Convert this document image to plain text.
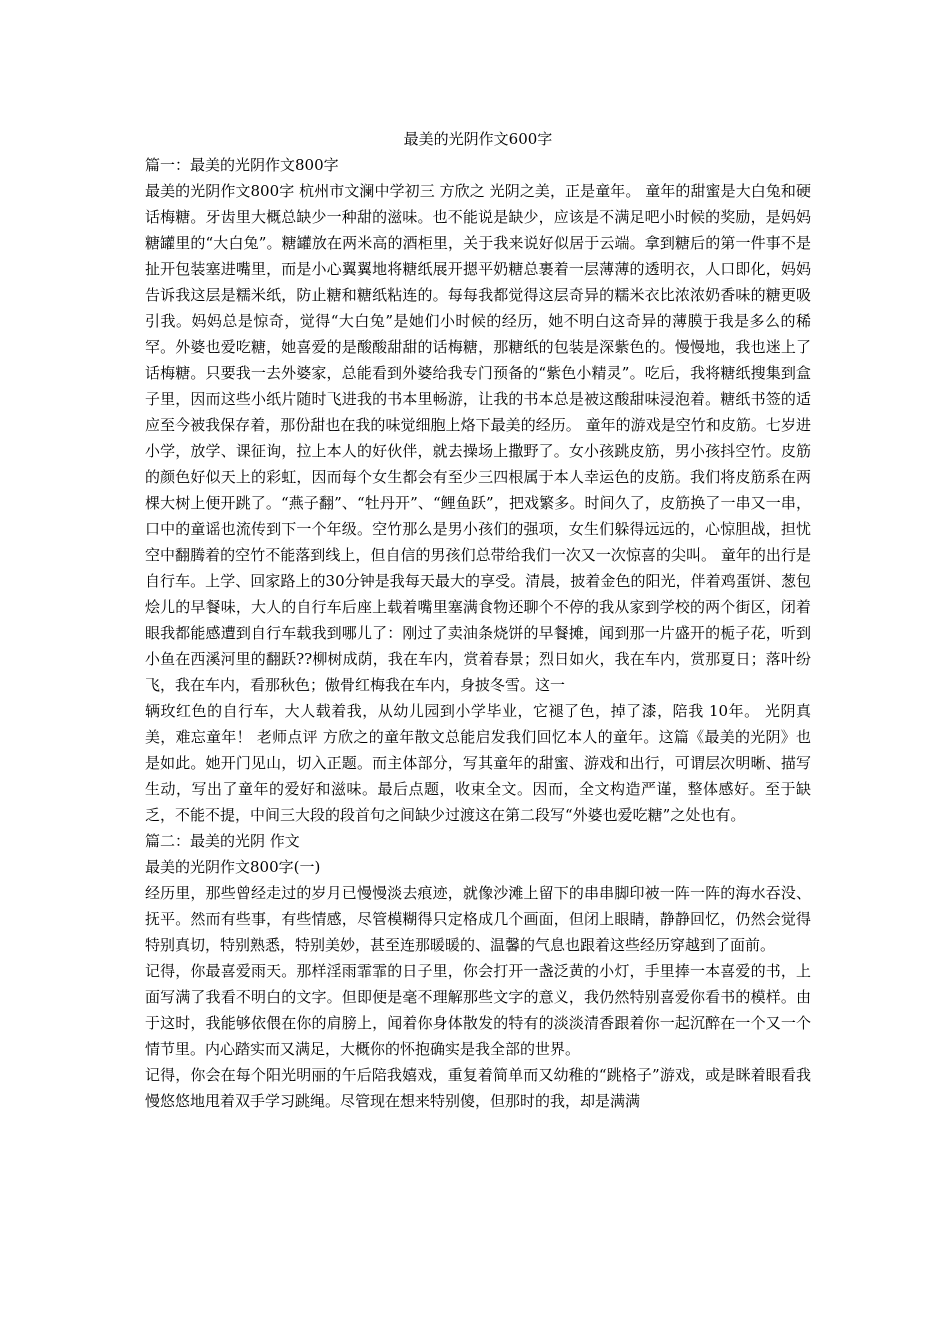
最美的光阴作文600字

篇一：最美的光阴作文800字

最美的光阴作文800字 杭州市文澜中学初三 方欣之 光阴之美，正是童年。 童年的甜蜜是大白兔和硬话梅糖。牙齿里大概总缺少一种甜的滋味。也不能说是缺少，应该是不满足吧小时候的奖励，是妈妈糖罐里的“大白兔”。糖罐放在两米高的酒柜里，关于我来说好似居于云端。拿到糖后的第一件事不是扯开包装塞进嘴里，而是小心翼翼地将糖纸展开摁平奶糖总裹着一层薄薄的透明衣，人口即化，妈妈告诉我这层是糯米纸，防止糖和糖纸粘连的。每每我都觉得这层奇异的糯米衣比浓浓奶香味的糖更吸引我。妈妈总是惊奇，觉得“大白兔”是她们小时候的经历，她不明白这奇异的薄膜于我是多么的稀罕。外婆也爱吃糖，她喜爱的是酸酸甜甜的话梅糖，那糖纸的包装是深紫色的。慢慢地，我也迷上了话梅糖。只要我一去外婆家，总能看到外婆给我专门预备的“紫色小精灵”。吃后，我将糖纸搜集到盒子里，因而这些小纸片随时飞进我的书本里畅游，让我的书本总是被这酸甜味浸泡着。糖纸书签的适应至今被我保存着，那份甜也在我的味觉细胞上烙下最美的经历。 童年的游戏是空竹和皮筋。七岁进小学，放学、课征询，拉上本人的好伙伴，就去操场上撒野了。女小孩跳皮筋，男小孩抖空竹。皮筋的颜色好似天上的彩虹，因而每个女生都会有至少三四根属于本人幸运色的皮筋。我们将皮筋系在两棵大树上便开跳了。“燕子翻”、“牡丹开”、“鲤鱼跃”，把戏繁多。时间久了，皮筋换了一串又一串，口中的童谣也流传到下一个年级。空竹那么是男小孩们的强项，女生们躲得远远的，心惊胆战，担忧空中翻腾着的空竹不能落到线上，但自信的男孩们总带给我们一次又一次惊喜的尖叫。 童年的出行是自行车。上学、回家路上的30分钟是我每天最大的享受。清晨，披着金色的阳光，伴着鸡蛋饼、葱包烩儿的早餐味，大人的自行车后座上载着嘴里塞满食物还聊个不停的我从家到学校的两个街区，闭着眼我都能感遭到自行车载我到哪儿了：刚过了卖油条烧饼的早餐摊，闻到那一片盛开的栀子花，听到小鱼在西溪河里的翻跃??柳树成荫，我在车内，赏着春景；烈日如火，我在车内，赏那夏日；落叶纷飞，我在车内，看那秋色；傲骨红梅我在车内，身披冬雪。这一

辆玫红色的自行车，大人载着我，从幼儿园到小学毕业，它褪了色，掉了漆，陪我 10年。 光阴真美，难忘童年！ 老师点评 方欣之的童年散文总能启发我们回忆本人的童年。这篇《最美的光阴》也是如此。她开门见山，切入正题。而主体部分，写其童年的甜蜜、游戏和出行，可谓层次明晰、描写生动，写出了童年的爱好和滋味。最后点题，收束全文。因而，全文构造严谨，整体感好。至于缺乏，不能不提，中间三大段的段首句之间缺少过渡这在第二段写“外婆也爱吃糖”之处也有。

篇二：最美的光阴 作文

最美的光阴作文800字(一)

经历里，那些曾经走过的岁月已慢慢淡去痕迹，就像沙滩上留下的串串脚印被一阵一阵的海水吞没、抚平。然而有些事，有些情感，尽管模糊得只定格成几个画面，但闭上眼睛，静静回忆，仍然会觉得特别真切，特别熟悉，特别美妙，甚至连那暖暖的、温馨的气息也跟着这些经历穿越到了面前。

记得，你最喜爱雨天。那样淫雨霏霏的日子里，你会打开一盏泛黄的小灯，手里捧一本喜爱的书，上面写满了我看不明白的文字。但即便是毫不理解那些文字的意义，我仍然特别喜爱你看书的模样。由于这时，我能够依偎在你的肩膀上，闻着你身体散发的特有的淡淡清香跟着你一起沉醉在一个又一个情节里。内心踏实而又满足，大概你的怀抱确实是我全部的世界。

记得，你会在每个阳光明丽的午后陪我嬉戏，重复着简单而又幼稚的“跳格子”游戏，或是眯着眼看我慢悠悠地甩着双手学习跳绳。尽管现在想来特别傻，但那时的我，却是满满
